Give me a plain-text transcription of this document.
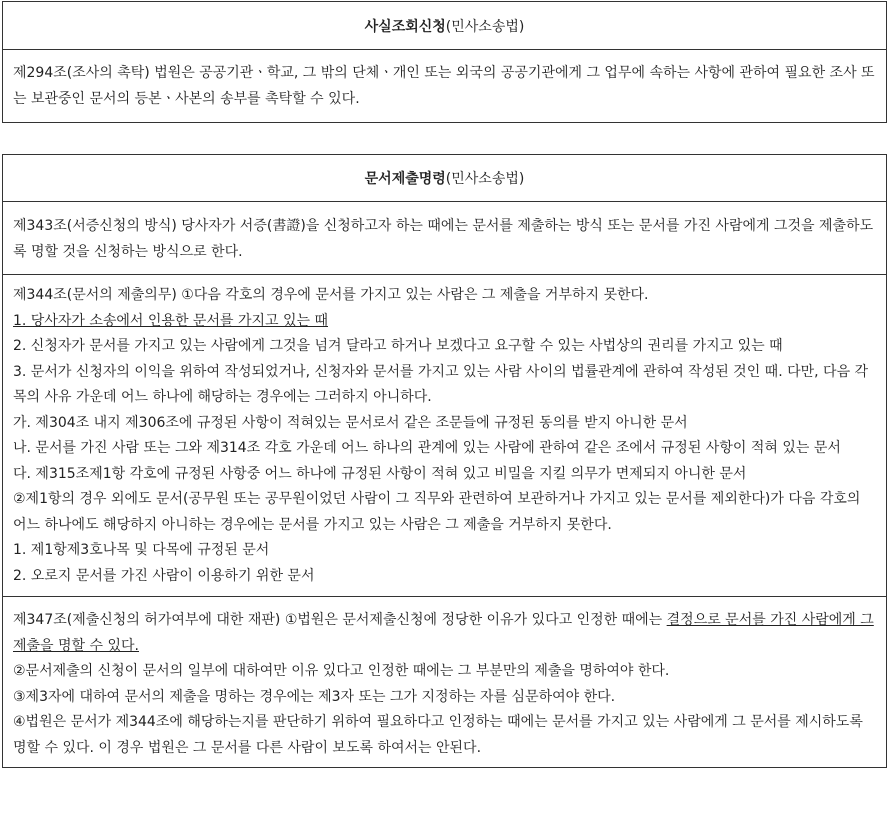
사실조회신청 (민사소송법)

제294조(조사의 촉탁) 법원은 공공기관ㆍ학교, 그 밖의 단체ㆍ개인 또는 외국의 공공기관에게 그 업무에 속하는 사항에 관하여 필요한 조사 또는 보관중인 문서의 등본ㆍ사본의 송부를 촉탁할 수 있다.

문서제출명령 (민사소송법)

제343조(서증신청의 방식) 당사자가 서증(書證)을 신청하고자 하는 때에는 문서를 제출하는 방식 또는 문서를 가진 사람에게 그것을 제출하도록 명할 것을 신청하는 방식으로 한다.

제344조(문서의 제출의무) ①다음 각호의 경우에 문서를 가지고 있는 사람은 그 제출을 거부하지 못한다.

1. 당사자가 소송에서 인용한 문서를 가지고 있는 때

2. 신청자가 문서를 가지고 있는 사람에게 그것을 넘겨 달라고 하거나 보겠다고 요구할 수 있는 사법상의 권리를 가지고 있는 때

3. 문서가 신청자의 이익을 위하여 작성되었거나, 신청자와 문서를 가지고 있는 사람 사이의 법률관계에 관하여 작성된 것인 때. 다만, 다음 각목의 사유 가운데 어느 하나에 해당하는 경우에는 그러하지 아니하다.

가. 제304조 내지 제306조에 규정된 사항이 적혀있는 문서로서 같은 조문들에 규정된 동의를 받지 아니한 문서

나. 문서를 가진 사람 또는 그와 제314조 각호 가운데 어느 하나의 관계에 있는 사람에 관하여 같은 조에서 규정된 사항이 적혀 있는 문서

다. 제315조제1항 각호에 규정된 사항중 어느 하나에 규정된 사항이 적혀 있고 비밀을 지킬 의무가 면제되지 아니한 문서

②제1항의 경우 외에도 문서(공무원 또는 공무원이었던 사람이 그 직무와 관련하여 보관하거나 가지고 있는 문서를 제외한다)가 다음 각호의 어느 하나에도 해당하지 아니하는 경우에는 문서를 가지고 있는 사람은 그 제출을 거부하지 못한다.

1. 제1항제3호나목 및 다목에 규정된 문서

2. 오로지 문서를 가진 사람이 이용하기 위한 문서

제347조(제출신청의 허가여부에 대한 재판) ①법원은 문서제출신청에 정당한 이유가 있다고 인정한 때에는 결정으로 문서를 가진 사람에게 그 제출을 명할 수 있다.

②문서제출의 신청이 문서의 일부에 대하여만 이유 있다고 인정한 때에는 그 부분만의 제출을 명하여야 한다.

③제3자에 대하여 문서의 제출을 명하는 경우에는 제3자 또는 그가 지정하는 자를 심문하여야 한다.

④법원은 문서가 제344조에 해당하는지를 판단하기 위하여 필요하다고 인정하는 때에는 문서를 가지고 있는 사람에게 그 문서를 제시하도록 명할 수 있다. 이 경우 법원은 그 문서를 다른 사람이 보도록 하여서는 안된다.
